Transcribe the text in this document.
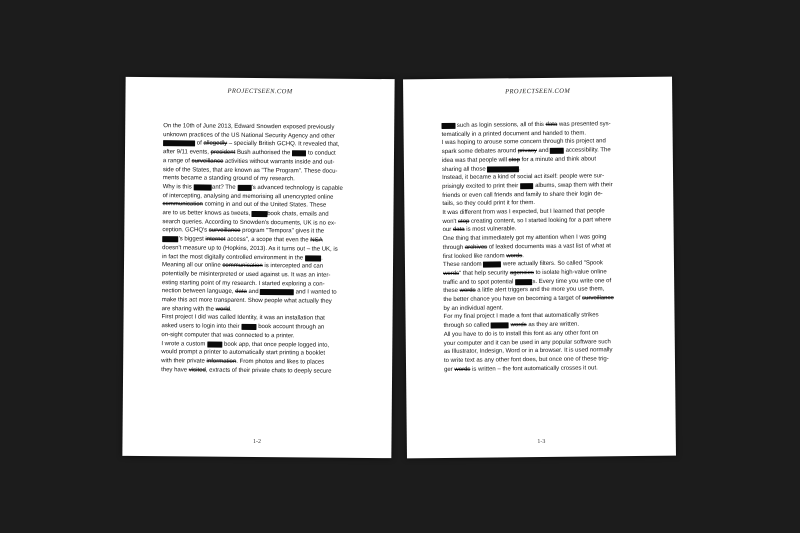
PROJECTSEEN.COM

On the 10th of June 2013, Edward Snowden exposed previously

unknown practices of the US National Security Agency and other

of allegedly – specially British GCHQ. It revealed that,

after 9/11 events, president Bush authorised the to conduct

a range of surveillance activities without warrants inside and out-

side of the States, that are known as "The Program". These docu-

ments became a standing ground of my research.

Why is this	ant? The 's advanced technology is capable

of intercepting, analysing and memorising all unencrypted online

communication coming in and out of the United States. These

are to us better knows as tweets,	book chats, emails and

search queries. According to Snowden's documents, UK is no ex-

ception. GCHQ's surveillance program "Tempora" gives it the

's biggest internet access", a scope that even the NSA

doesn't measure up to (Hopkins, 2013). As it turns out – the UK, is

in fact the most digitally controlled environment in the	.

Meaning all our online communication is intercepted and can

potentially be misinterpreted or used against us. It was an inter-

esting starting point of my research. I started exploring a con-

nection between language, data and	and I wanted to

make this act more transparent. Show people what actually they

are sharing with the world.

First project I did was called Identity, it was an installation that

asked users to login into their	book account through an

on-sight computer that was connected to a printer.

I wrote a custom	book app, that once people logged into,

would prompt a printer to automatically start printing a booklet

with their private information. From photos and likes to places

they have visited, extracts of their private chats to deeply secure

1-2
PROJECTSEEN.COM

such as login sessions, all of this data was presented sys-

tematically in a printed document and handed to them.

I was hoping to arouse some concern through this project and

spark some debates around privacy and accessibility. The

idea was that people will stop for a minute and think about

sharing all those	.

Instead, it became a kind of social act itself: people were sur-

prisingly excited to print their albums, swap them with their

friends or even call friends and family to share their login de-

tails, so they could print it for them.

It was different from was I expected, but I learned that people

won't stop creating content, so I started looking for a part where

our data is most vulnerable.

One thing that immediately got my attention when I was going

through archives of leaked documents was a vast list of what at

first looked like random words.

These random	were actually filters. So called "Spook

words" that help security agencies to isolate high-value online

traffic and to spot potential	s. Every time you write one of

these words a little alert triggers and the more you use them,

the better chance you have on becoming a target of surveillance

by an individual agent.

For my final project I made a font that automatically strikes

through so called	words as they are written.

All you have to do is to install this font as any other font on

your computer and it can be used in any popular software such

as Illustrator, Indesign, Word or in a browser. It is used normally

to write text as any other font does, but once one of these trig-

ger words is written – the font automatically crosses it out.

1-3
